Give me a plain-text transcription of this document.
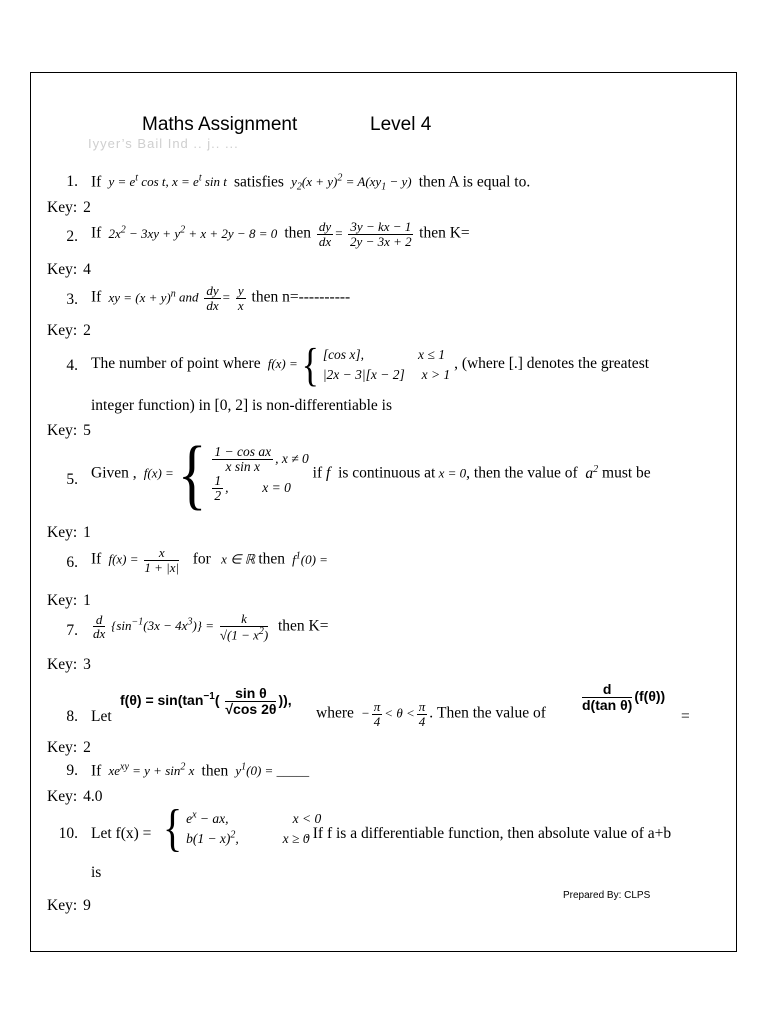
Maths Assignment	Level 4
Iyyer’s Bail Ind .. j.. ...
1. If  $y = e^t$ cos t, $x = e^t$ sin t  satisfies  $y_2(x + y)^2 = A(xy_1 - y)$  then A is equal to.
Key: 2
2. If  $2x^2 - 3xy + y^2 + x + 2y - 8 = 0$  then $\frac{dy}{dx} = \frac{3y - kx - 1}{2y - 3x + 2}$ then K=
Key: 4
3. If  xy = $(x + y)^n$ and $\frac{dy}{dx} = \frac{y}{x}$ then n=----------
Key: 2
4. The number of point where  f(x) = { [cos x],                x ≤ 1
|2x − 3|[x − 2]     x > 1 , (where [.] denotes the greatest
integer function) in [0, 2] is non-differentiable is
Key: 5
5. Given ,  f(x) = { $\frac{\text{1 − cos ax}}{\text{x sin x}}$ , x ≠ 0

$\frac{1}{2}$ ,          x = 0 if f  is continuous at x = 0, then the value of  $a^2$ must be
Key: 1
6. If  $f(x) = \frac{x}{1 + |x|}$ for   x ∈ ℝ then  $f^1(0)$ =
Key: 1
7. $\frac{d}{dx} \{\sin^{-1}(3x - 4x^3)\} = \frac{k}{√(1 - x^2)}$ then K=
Key: 3
8. Let
$f(\theta) = \sin(\tan^{-1}( \frac{\text{sin θ}}{√\cos 2\theta}$ )),
where  − $\frac{\pi}{4} < \theta < \frac{\pi}{4}$ . Then the value of
$\frac{d}{\text{d(tan θ)}} (f(\theta))$
=
Key: 2
9. If  $xe^{xy} = y + \sin^2 x$  then  $y^1(0)$ = _____
Key: 4.0
10. Let f(x) = { $e^x$ − ax,                   x < 0
$b(1 - x)^2$,             x ≥ 0
. If f is a differentiable function, then absolute value of a+b
is
Key: 9
Prepared By: CLPS
